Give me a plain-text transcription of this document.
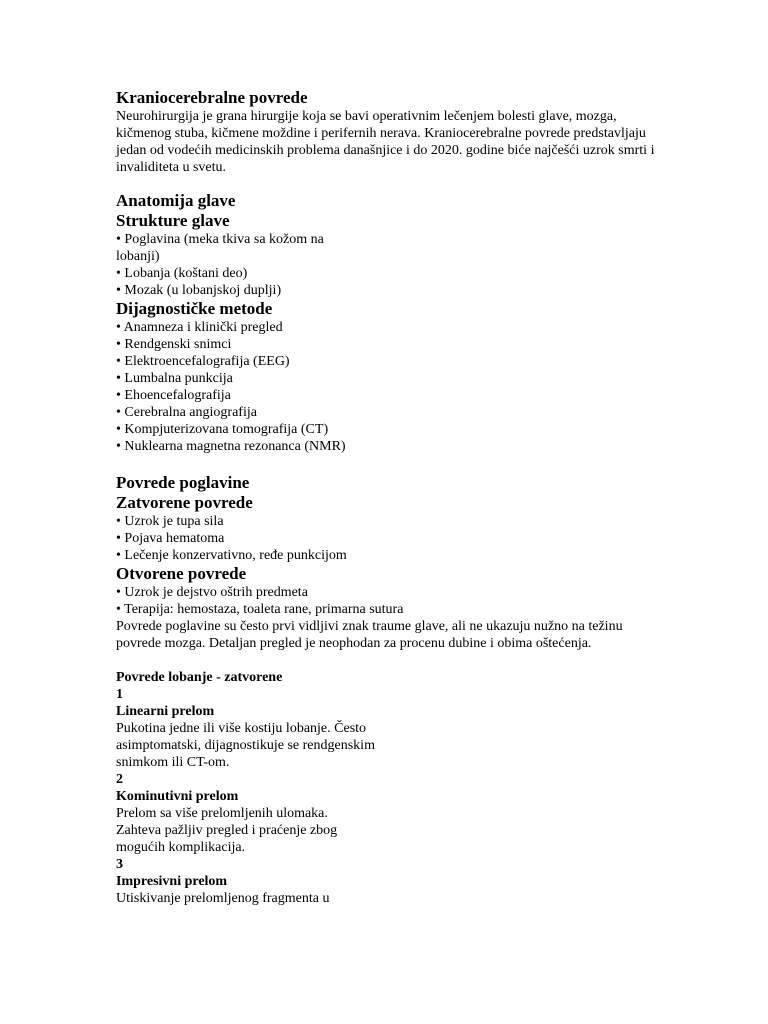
Kraniocerebralne povrede

Neurohirurgija je grana hirurgije koja se bavi operativnim lečenjem bolesti glave, mozga, kičmenog stuba, kičmene moždine i perifernih nerava. Kraniocerebralne povrede predstavljaju jedan od vodećih medicinskih problema današnjice i do 2020. godine biće najčešći uzrok smrti i invaliditeta u svetu.

Anatomija glave

Strukture glave

• Poglavina (meka tkiva sa kožom na lobanji)

• Lobanja (koštani deo)

• Mozak (u lobanjskoj duplji)

Dijagnostičke metode

• Anamneza i klinički pregled

• Rendgenski snimci

• Elektroencefalografija (EEG)

• Lumbalna punkcija

• Ehoencefalografija

• Cerebralna angiografija

• Kompjuterizovana tomografija (CT)

• Nuklearna magnetna rezonanca (NMR)

Povrede poglavine

Zatvorene povrede

• Uzrok je tupa sila

• Pojava hematoma

• Lečenje konzervativno, ređe punkcijom

Otvorene povrede

• Uzrok je dejstvo oštrih predmeta

• Terapija: hemostaza, toaleta rane, primarna sutura

Povrede poglavine su često prvi vidljivi znak traume glave, ali ne ukazuju nužno na težinu povrede mozga. Detaljan pregled je neophodan za procenu dubine i obima oštećenja.

Povrede lobanje - zatvorene

1

Linearni prelom

Pukotina jedne ili više kostiju lobanje. Često asimptomatski, dijagnostikuje se rendgenskim snimkom ili CT-om.

2

Kominutivni prelom

Prelom sa više prelomljenih ulomaka. Zahteva pažljiv pregled i praćenje zbog mogućih komplikacija.

3

Impresivni prelom

Utiskivanje prelomljenog fragmenta u
